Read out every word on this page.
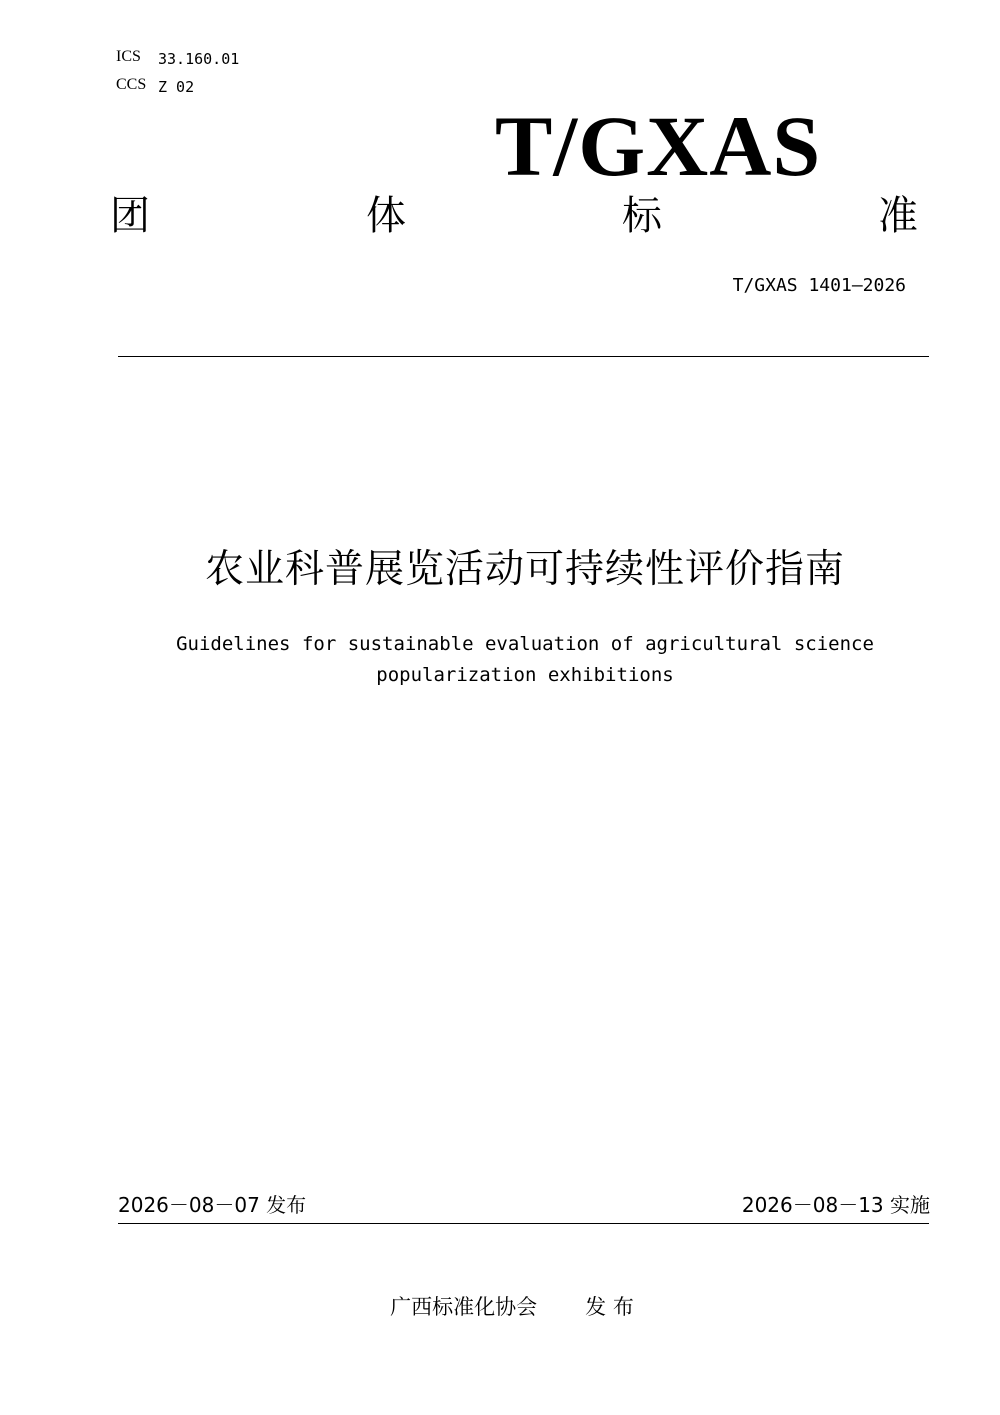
ICS 33.160.01
CCS Z 02
T/GXAS
团	体	标	准
T/GXAS 1401—2026
农业科普展览活动可持续性评价指南
Guidelines for sustainable evaluation of agricultural science
popularization exhibitions
2026－08－07 发布	2026－08－13 实施
广西标准化协会 发 布
